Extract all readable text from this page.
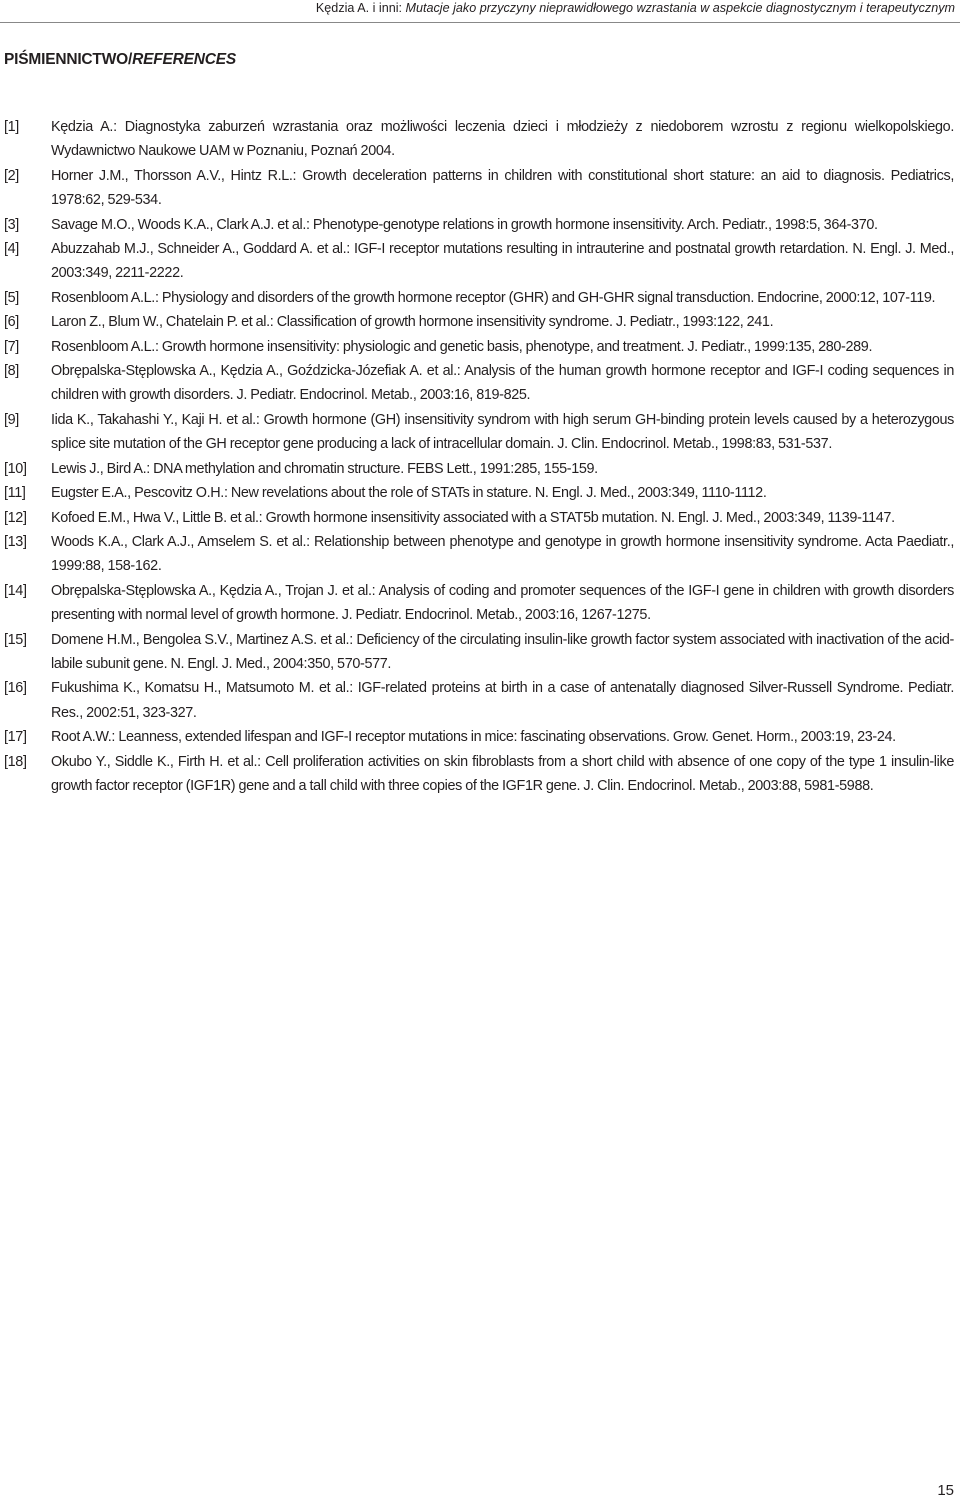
Kędzia A. i inni: Mutacje jako przyczyny nieprawidłowego wzrastania w aspekcie diagnostycznym i terapeutycznym
PIŚMIENNICTWO/REFERENCES
[1] Kędzia A.: Diagnostyka zaburzeń wzrastania oraz możliwości leczenia dzieci i młodzieży z niedoborem wzrostu z regionu wielkopolskiego. Wydawnictwo Naukowe UAM w Poznaniu, Poznań 2004.
[2] Horner J.M., Thorsson A.V., Hintz R.L.: Growth deceleration patterns in children with constitutional short stature: an aid to diagnosis. Pediatrics, 1978:62, 529-534.
[3] Savage M.O., Woods K.A., Clark A.J. et al.: Phenotype-genotype relations in growth hormone insensitivity. Arch. Pediatr., 1998:5, 364-370.
[4] Abuzzahab M.J., Schneider A., Goddard A. et al.: IGF-I receptor mutations resulting in intrauterine and postnatal growth retardation. N. Engl. J. Med., 2003:349, 2211-2222.
[5] Rosenbloom A.L.: Physiology and disorders of the growth hormone receptor (GHR) and GH-GHR signal transduction. Endocrine, 2000:12, 107-119.
[6] Laron Z., Blum W., Chatelain P. et al.: Classification of growth hormone insensitivity syndrome. J. Pediatr., 1993:122, 241.
[7] Rosenbloom A.L.: Growth hormone insensitivity: physiologic and genetic basis, phenotype, and treatment. J. Pediatr., 1999:135, 280-289.
[8] Obrępalska-Stęplowska A., Kędzia A., Goździcka-Józefiak A. et al.: Analysis of the human growth hormone receptor and IGF-I coding sequences in children with growth disorders. J. Pediatr. Endocrinol. Metab., 2003:16, 819-825.
[9] Iida K., Takahashi Y., Kaji H. et al.: Growth hormone (GH) insensitivity syndrom with high serum GH-binding protein levels caused by a heterozygous splice site mutation of the GH receptor gene producing a lack of intracellular domain. J. Clin. Endocrinol. Metab., 1998:83, 531-537.
[10] Lewis J., Bird A.: DNA methylation and chromatin structure. FEBS Lett., 1991:285, 155-159.
[11] Eugster E.A., Pescovitz O.H.: New revelations about the role of STATs in stature. N. Engl. J. Med., 2003:349, 1110-1112.
[12] Kofoed E.M., Hwa V., Little B. et al.: Growth hormone insensitivity associated with a STAT5b mutation. N. Engl. J. Med., 2003:349, 1139-1147.
[13] Woods K.A., Clark A.J., Amselem S. et al.: Relationship between phenotype and genotype in growth hormone insensitivity syndrome. Acta Paediatr., 1999:88, 158-162.
[14] Obrępalska-Stęplowska A., Kędzia A., Trojan J. et al.: Analysis of coding and promoter sequences of the IGF-I gene in children with growth disorders presenting with normal level of growth hormone. J. Pediatr. Endocrinol. Metab., 2003:16, 1267-1275.
[15] Domene H.M., Bengolea S.V., Martinez A.S. et al.: Deficiency of the circulating insulin-like growth factor system associated with inactivation of the acid-labile subunit gene. N. Engl. J. Med., 2004:350, 570-577.
[16] Fukushima K., Komatsu H., Matsumoto M. et al.: IGF-related proteins at birth in a case of antenatally diagnosed Silver-Russell Syndrome. Pediatr. Res., 2002:51, 323-327.
[17] Root A.W.: Leanness, extended lifespan and IGF-I receptor mutations in mice: fascinating observations. Grow. Genet. Horm., 2003:19, 23-24.
[18] Okubo Y., Siddle K., Firth H. et al.: Cell proliferation activities on skin fibroblasts from a short child with absence of one copy of the type 1 insulin-like growth factor receptor (IGF1R) gene and a tall child with three copies of the IGF1R gene. J. Clin. Endocrinol. Metab., 2003:88, 5981-5988.
15
